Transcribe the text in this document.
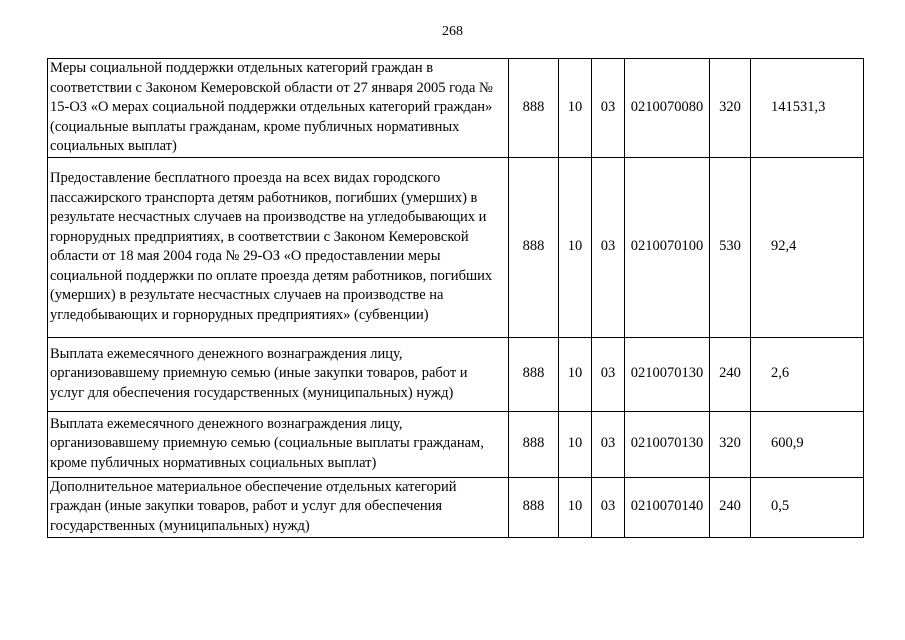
268
Меры социальной поддержки отдельных категорий граждан в соответствии с Законом Кемеровской области от 27 января 2005 года № 15-ОЗ «О мерах социальной поддержки отдельных категорий граждан» (социальные выплаты гражданам, кроме публичных нормативных социальных выплат)	888	10	03	0210070080	320	141531,3
Предоставление бесплатного проезда на всех видах городского пассажирского транспорта детям работников, погибших (умерших) в результате несчастных случаев на производстве на угледобывающих и горнорудных предприятиях, в соответствии с Законом Кемеровской области от 18 мая 2004 года № 29-ОЗ «О предоставлении меры социальной поддержки по оплате проезда детям работников, погибших (умерших) в результате несчастных случаев на производстве на угледобывающих и горнорудных предприятиях» (субвенции)	888	10	03	0210070100	530	92,4
Выплата ежемесячного денежного вознаграждения лицу, организовавшему приемную семью (иные закупки товаров, работ и услуг для обеспечения государственных (муниципальных) нужд)	888	10	03	0210070130	240	2,6
Выплата ежемесячного денежного вознаграждения лицу, организовавшему приемную семью (социальные выплаты гражданам, кроме публичных нормативных социальных выплат)	888	10	03	0210070130	320	600,9
Дополнительное материальное обеспечение отдельных категорий граждан (иные закупки товаров, работ и услуг для обеспечения государственных (муниципальных) нужд)	888	10	03	0210070140	240	0,5
